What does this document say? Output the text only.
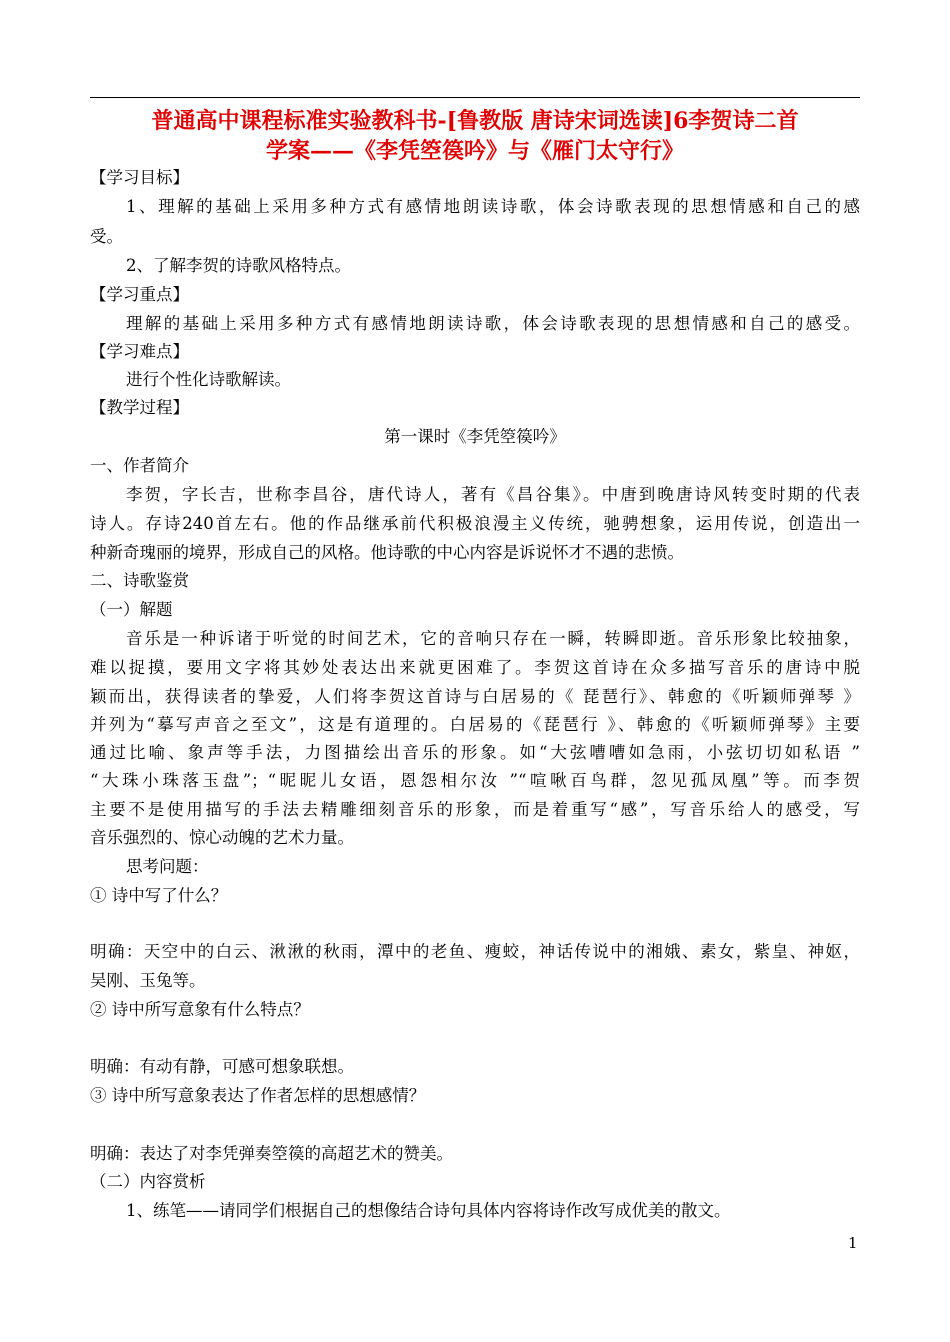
普通高中课程标准实验教科书-[鲁教版 唐诗宋词选读]6李贺诗二首
学案——《李凭箜篌吟》与《雁门太守行》
【学习目标】
1、理解的基础上采用多种方式有感情地朗读诗歌，体会诗歌表现的思想情感和自己的感
受。
2、了解李贺的诗歌风格特点。
【学习重点】
理解的基础上采用多种方式有感情地朗读诗歌，体会诗歌表现的思想情感和自己的感受。
【学习难点】
进行个性化诗歌解读。
【教学过程】
第一课时《李凭箜篌吟》
一、作者简介
李贺，字长吉，世称李昌谷，唐代诗人，著有《昌谷集》。中唐到晚唐诗风转变时期的代表
诗人。存诗240首左右。他的作品继承前代积极浪漫主义传统，驰骋想象，运用传说，创造出一
种新奇瑰丽的境界，形成自己的风格。他诗歌的中心内容是诉说怀才不遇的悲愤。
二、诗歌鉴赏
（一）解题
音乐是一种诉诸于听觉的时间艺术，它的音响只存在一瞬，转瞬即逝。音乐形象比较抽象，
难以捉摸，要用文字将其妙处表达出来就更困难了。李贺这首诗在众多描写音乐的唐诗中脱
颖而出，获得读者的挚爱，人们将李贺这首诗与白居易的《 琵琶行》、韩愈的《听颖师弹琴 》
并列为“摹写声音之至文”，这是有道理的。白居易的《琵琶行 》、韩愈的《听颖师弹琴》主要
通过比喻、象声等手法，力图描绘出音乐的形象。如“大弦嘈嘈如急雨，小弦切切如私语 ”
“大珠小珠落玉盘”；“昵昵儿女语，恩怨相尔汝 ”“喧啾百鸟群，忽见孤凤凰”等。而李贺
主要不是使用描写的手法去精雕细刻音乐的形象，而是着重写“感”，写音乐给人的感受，写
音乐强烈的、惊心动魄的艺术力量。
思考问题：
① 诗中写了什么？
明确：天空中的白云、湫湫的秋雨，潭中的老鱼、瘦蛟，神话传说中的湘娥、素女，紫皇、神妪，
吴刚、玉兔等。
② 诗中所写意象有什么特点？
明确：有动有静，可感可想象联想。
③ 诗中所写意象表达了作者怎样的思想感情？
明确：表达了对李凭弹奏箜篌的高超艺术的赞美。
（二）内容赏析
1、练笔——请同学们根据自己的想像结合诗句具体内容将诗作改写成优美的散文。
1
